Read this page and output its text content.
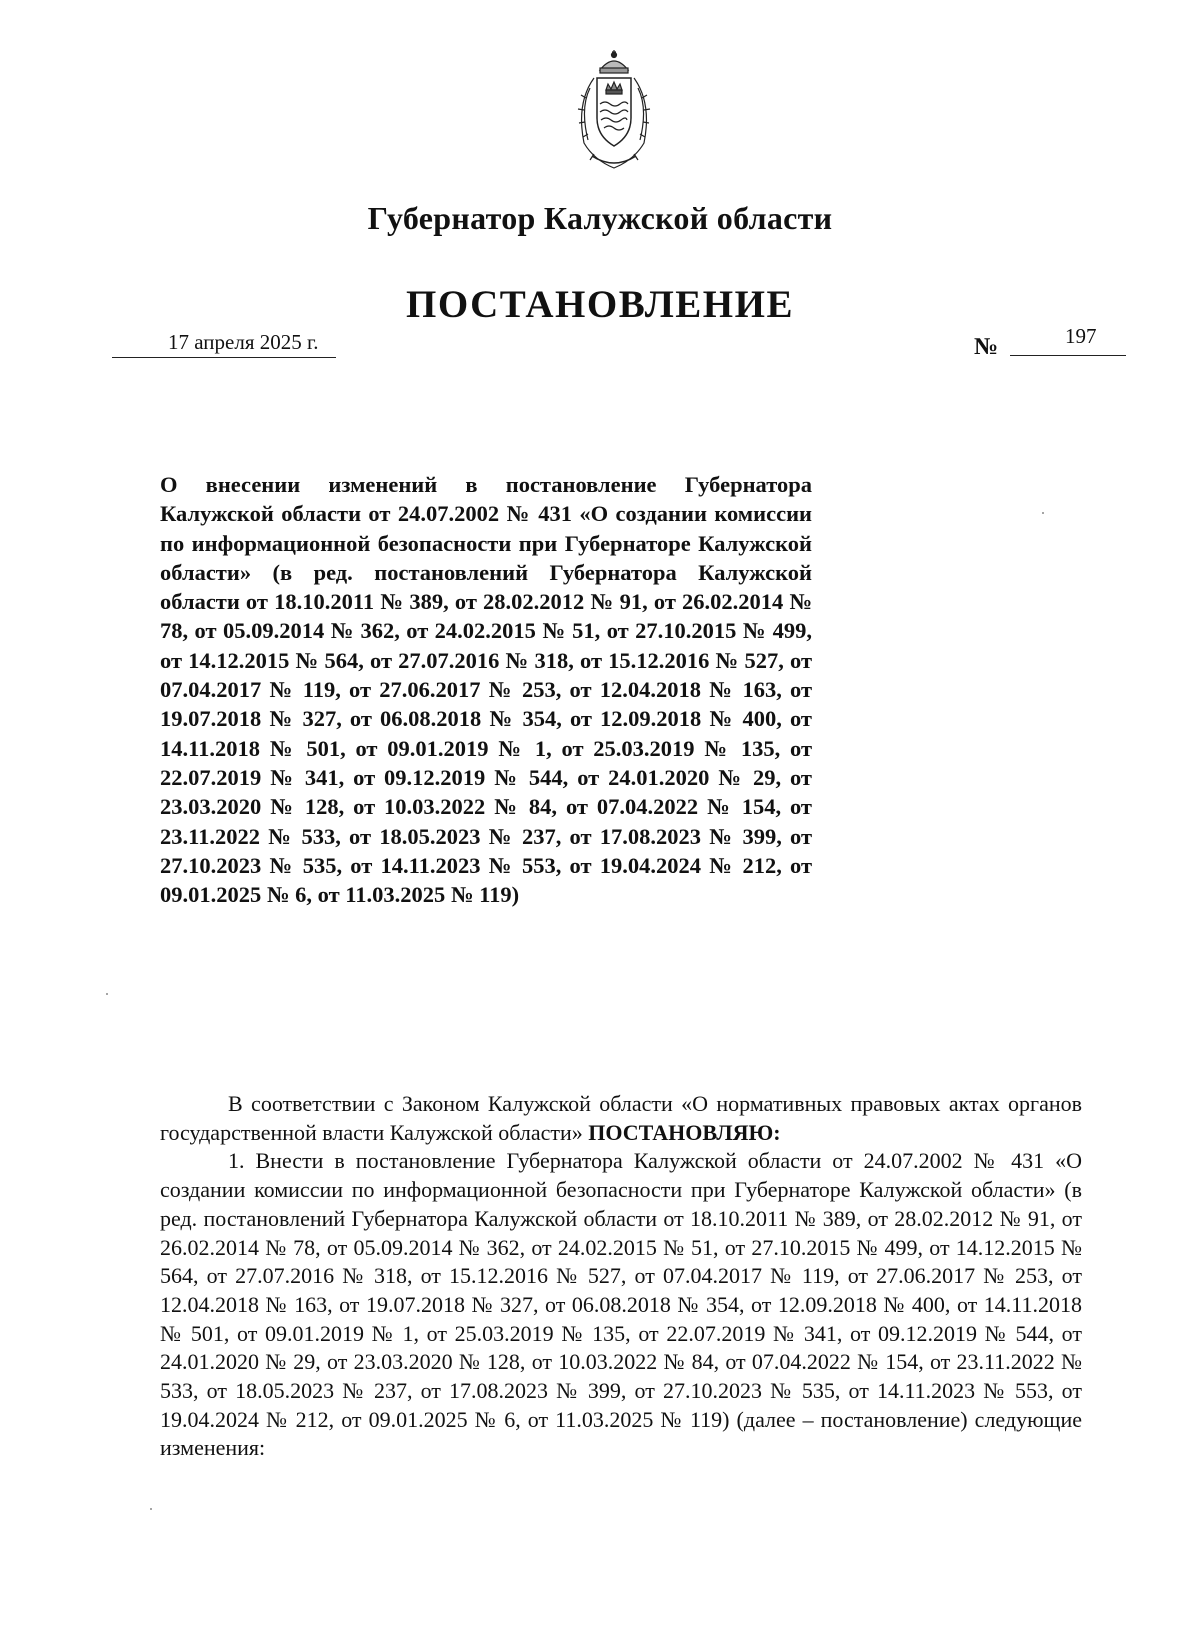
Губернатор Калужской области
ПОСТАНОВЛЕНИЕ
17 апреля 2025 г.	№	197
О внесении изменений в постановление Губернатора Калужской области от 24.07.2002 № 431 «О создании комиссии по информационной безопасности при Губернаторе Калужской области» (в ред. постановлений Губернатора Калужской области от 18.10.2011 № 389, от 28.02.2012 № 91, от 26.02.2014 № 78, от 05.09.2014 № 362, от 24.02.2015 № 51, от 27.10.2015 № 499, от 14.12.2015 № 564, от 27.07.2016 № 318, от 15.12.2016 № 527, от 07.04.2017 № 119, от 27.06.2017 № 253, от 12.04.2018 № 163, от 19.07.2018 № 327, от 06.08.2018 № 354, от 12.09.2018 № 400, от 14.11.2018 № 501, от 09.01.2019 № 1, от 25.03.2019 № 135, от 22.07.2019 № 341, от 09.12.2019 № 544, от 24.01.2020 № 29, от 23.03.2020 № 128, от 10.03.2022 № 84, от 07.04.2022 № 154, от 23.11.2022 № 533, от 18.05.2023 № 237, от 17.08.2023 № 399, от 27.10.2023 № 535, от 14.11.2023 № 553, от 19.04.2024 № 212, от 09.01.2025 № 6, от 11.03.2025 № 119)

В соответствии с Законом Калужской области «О нормативных правовых актах органов государственной власти Калужской области» ПОСТАНОВЛЯЮ:

1. Внести в постановление Губернатора Калужской области от 24.07.2002 № 431 «О создании комиссии по информационной безопасности при Губернаторе Калужской области» (в ред. постановлений Губернатора Калужской области от 18.10.2011 № 389, от 28.02.2012 № 91, от 26.02.2014 № 78, от 05.09.2014 № 362, от 24.02.2015 № 51, от 27.10.2015 № 499, от 14.12.2015 № 564, от 27.07.2016 № 318, от 15.12.2016 № 527, от 07.04.2017 № 119, от 27.06.2017 № 253, от 12.04.2018 № 163, от 19.07.2018 № 327, от 06.08.2018 № 354, от 12.09.2018 № 400, от 14.11.2018 № 501, от 09.01.2019 № 1, от 25.03.2019 № 135, от 22.07.2019 № 341, от 09.12.2019 № 544, от 24.01.2020 № 29, от 23.03.2020 № 128, от 10.03.2022 № 84, от 07.04.2022 № 154, от 23.11.2022 № 533, от 18.05.2023 № 237, от 17.08.2023 № 399, от 27.10.2023 № 535, от 14.11.2023 № 553, от 19.04.2024 № 212, от 09.01.2025 № 6, от 11.03.2025 № 119) (далее – постановление) следующие изменения:
